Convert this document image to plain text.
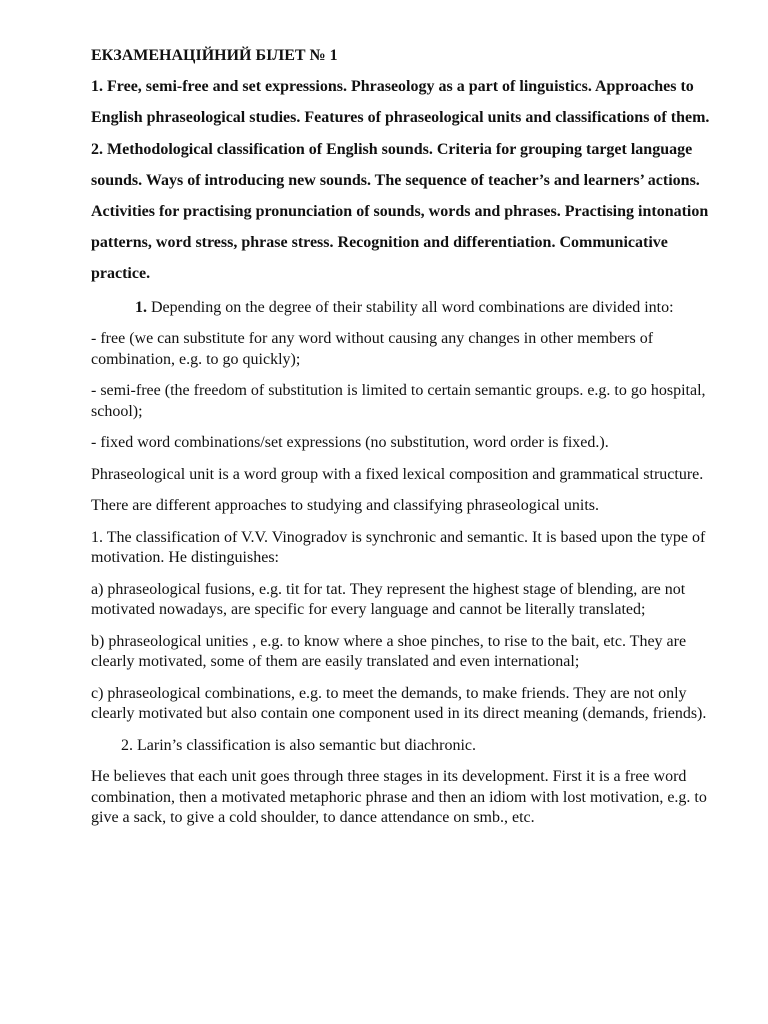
ЕКЗАМЕНАЦІЙНИЙ БІЛЕТ № 1

1. Free, semi-free and set expressions. Phraseology as a part of linguistics. Approaches to English phraseological studies. Features of phraseological units and classifications of them.

2. Methodological classification of English sounds. Criteria for grouping target language sounds. Ways of introducing new sounds. The sequence of teacher’s and learners’ actions. Activities for practising pronunciation of sounds, words and phrases. Practising intonation patterns, word stress, phrase stress. Recognition and differentiation. Communicative practice.

1. Depending on the degree of their stability all word combinations are divided into:

- free (we can substitute for any word without causing any changes in other members of combination, e.g. to go quickly);

- semi-free (the freedom of substitution is limited to certain semantic groups. e.g. to go hospital, school);

- fixed word combinations/set expressions (no substitution, word order is fixed.).

Phraseological unit is a word group with a fixed lexical composition and grammatical structure.

There are different approaches to studying and classifying phraseological units.

1. The classification of V.V. Vinogradov is synchronic and semantic. It is based upon the type of motivation. He distinguishes:

a) phraseological fusions, e.g. tit for tat. They represent the highest stage of blending, are not motivated nowadays, are specific for every language and cannot be literally translated;

b) phraseological unities , e.g. to know where a shoe pinches, to rise to the bait, etc. They are clearly motivated, some of them are easily translated and even international;

c) phraseological combinations, e.g. to meet the demands, to make friends. They are not only clearly motivated but also contain one component used in its direct meaning (demands, friends).

2. Larin’s classification is also semantic but diachronic.

He believes that each unit goes through three stages in its development. First it is a free word combination, then a motivated metaphoric phrase and then an idiom with lost motivation, e.g. to give a sack, to give a cold shoulder, to dance attendance on smb., etc.
